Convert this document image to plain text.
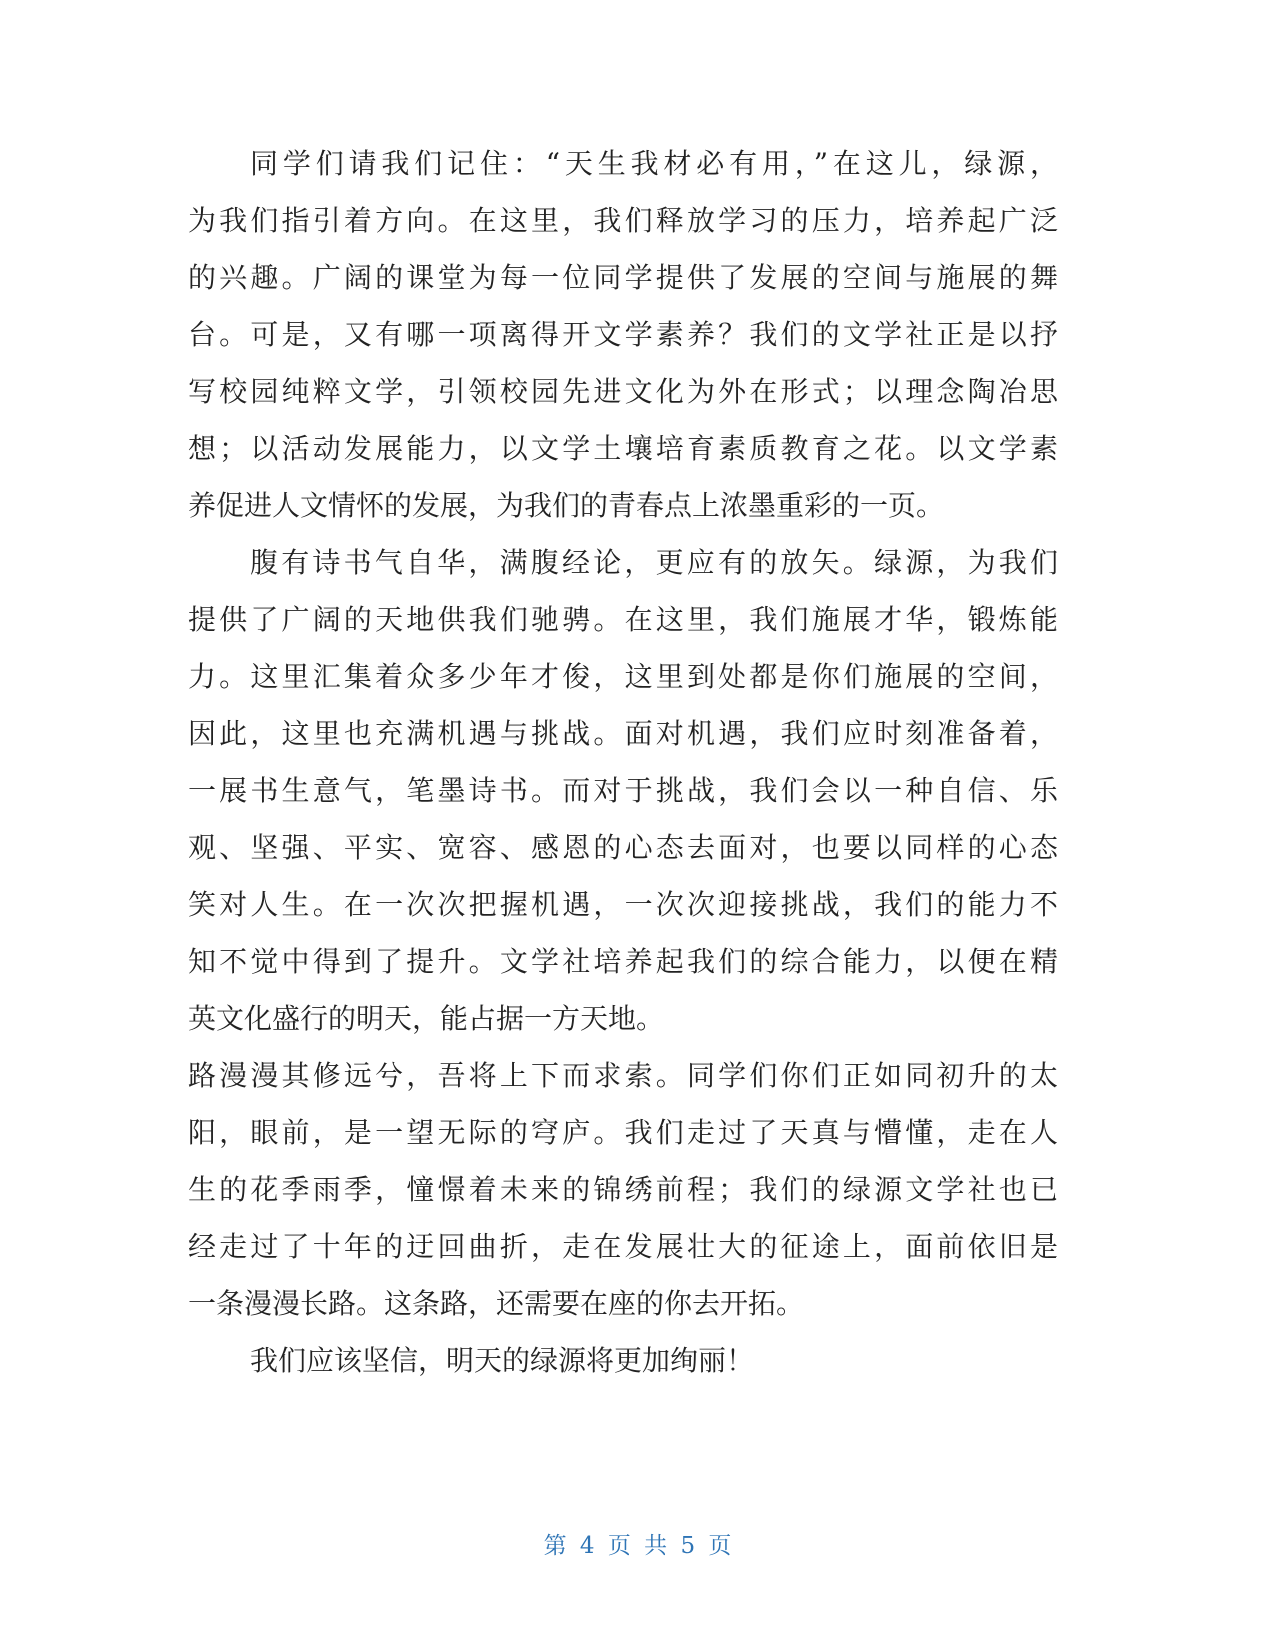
同学们请我们记住：“天生我材必有用，”在这儿，绿源，
为我们指引着方向。在这里，我们释放学习的压力，培养起广泛
的兴趣。广阔的课堂为每一位同学提供了发展的空间与施展的舞
台。可是，又有哪一项离得开文学素养？我们的文学社正是以抒
写校园纯粹文学，引领校园先进文化为外在形式；以理念陶冶思
想；以活动发展能力，以文学土壤培育素质教育之花。以文学素
养促进人文情怀的发展，为我们的青春点上浓墨重彩的一页。
腹有诗书气自华，满腹经论，更应有的放矢。绿源，为我们
提供了广阔的天地供我们驰骋。在这里，我们施展才华，锻炼能
力。这里汇集着众多少年才俊，这里到处都是你们施展的空间，
因此，这里也充满机遇与挑战。面对机遇，我们应时刻准备着，
一展书生意气，笔墨诗书。而对于挑战，我们会以一种自信、乐
观、坚强、平实、宽容、感恩的心态去面对，也要以同样的心态
笑对人生。在一次次把握机遇，一次次迎接挑战，我们的能力不
知不觉中得到了提升。文学社培养起我们的综合能力，以便在精
英文化盛行的明天，能占据一方天地。
路漫漫其修远兮，吾将上下而求索。同学们你们正如同初升的太
阳，眼前，是一望无际的穹庐。我们走过了天真与懵懂，走在人
生的花季雨季，憧憬着未来的锦绣前程；我们的绿源文学社也已
经走过了十年的迂回曲折，走在发展壮大的征途上，面前依旧是
一条漫漫长路。这条路，还需要在座的你去开拓。
我们应该坚信，明天的绿源将更加绚丽！
第 4 页 共 5 页
